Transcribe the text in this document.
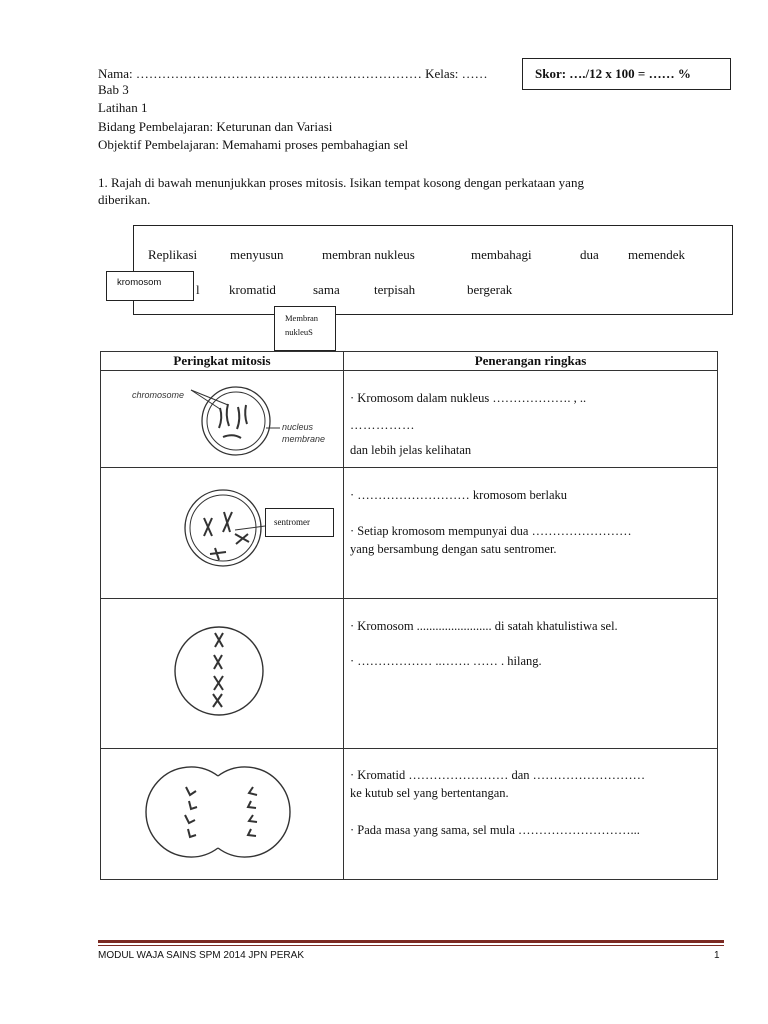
Nama: ………………………………………………………… Kelas: ……
Bab 3
Latihan 1
Bidang Pembelajaran: Keturunan dan Variasi
Objektif Pembelajaran: Memahami proses pembahagian sel
Skor: …./12 x 100 = …… %
1. Rajah di bawah menunjukkan proses mitosis. Isikan tempat kosong dengan perkataan yang
diberikan.
Replikasi	menyusun	membran nukleus	membahagi	dua memendek
l kromatid	sama	terpisah	bergerak
kromosom
Membran
nukleuS
Peringkat mitosis	Penerangan ringkas

chromosome
nucleus
membrane	· Kromosom dalam nukleus ………………. , ..
……………
dan lebih jelas kelihatan

· ……………………… kromosom berlaku
· Setiap kromosom mempunyai dua ……………………
yang bersambung dengan satu sentromer.

· Kromosom ........................ di satah khatulistiwa sel.
· ……………… ..……. …… . hilang.

· Kromatid …………………… dan ………………………
ke kutub sel yang bertentangan.
· Pada masa yang sama, sel mula ………………………...
sentromer
MODUL WAJA SAINS SPM 2014 JPN PERAK	1
